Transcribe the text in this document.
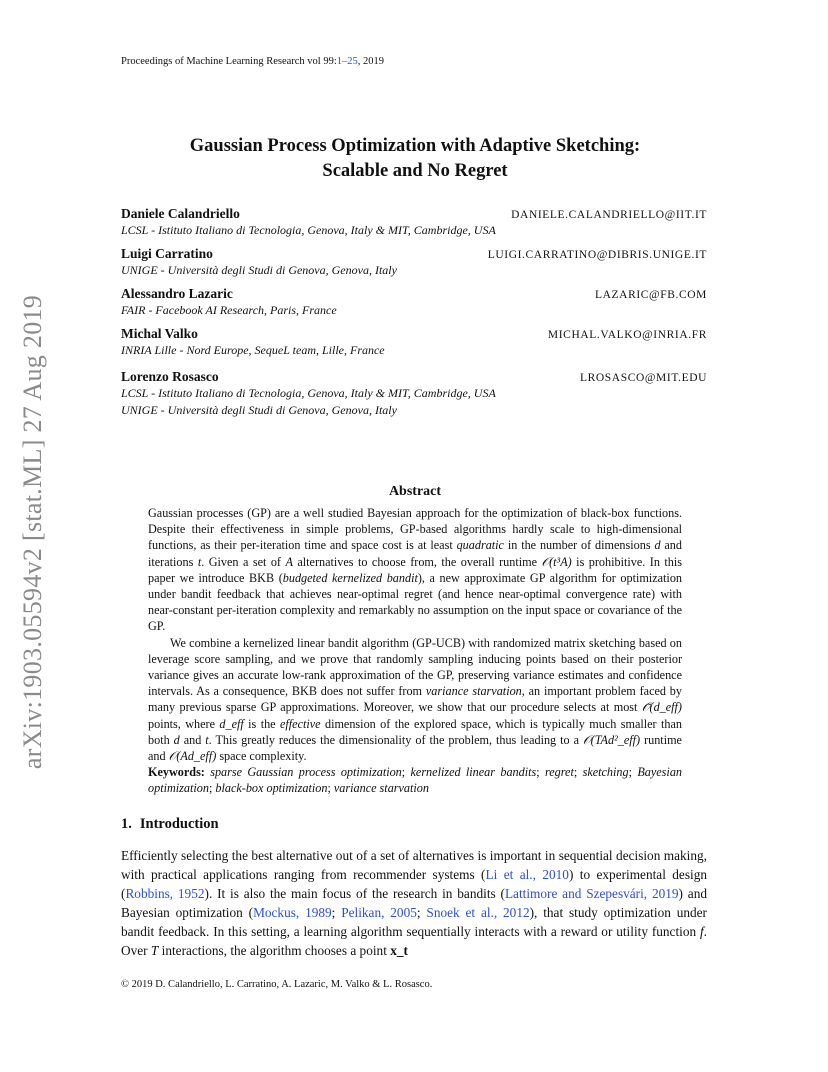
arXiv:1903.05594v2 [stat.ML] 27 Aug 2019
Proceedings of Machine Learning Research vol 99:1–25, 2019
Gaussian Process Optimization with Adaptive Sketching:
Scalable and No Regret
Daniele Calandriello	DANIELE.CALANDRIELLO@IIT.IT
LCSL - Istituto Italiano di Tecnologia, Genova, Italy & MIT, Cambridge, USA
Luigi Carratino	LUIGI.CARRATINO@DIBRIS.UNIGE.IT
UNIGE - Università degli Studi di Genova, Genova, Italy
Alessandro Lazaric	LAZARIC@FB.COM
FAIR - Facebook AI Research, Paris, France
Michal Valko	MICHAL.VALKO@INRIA.FR
INRIA Lille - Nord Europe, SequeL team, Lille, France
Lorenzo Rosasco	LROSASCO@MIT.EDU
LCSL - Istituto Italiano di Tecnologia, Genova, Italy & MIT, Cambridge, USA
UNIGE - Università degli Studi di Genova, Genova, Italy
Abstract

Gaussian processes (GP) are a well studied Bayesian approach for the optimization of black-box functions. Despite their effectiveness in simple problems, GP-based algorithms hardly scale to high-dimensional functions, as their per-iteration time and space cost is at least quadratic in the number of dimensions d and iterations t. Given a set of A alternatives to choose from, the overall runtime 𝒪(t³A) is prohibitive. In this paper we introduce BKB (budgeted kernelized bandit), a new approximate GP algorithm for optimization under bandit feedback that achieves near-optimal regret (and hence near-optimal convergence rate) with near-constant per-iteration complexity and remarkably no assumption on the input space or covariance of the GP.

We combine a kernelized linear bandit algorithm (GP-UCB) with randomized matrix sketching based on leverage score sampling, and we prove that randomly sampling inducing points based on their posterior variance gives an accurate low-rank approximation of the GP, preserving variance estimates and confidence intervals. As a consequence, BKB does not suffer from variance starvation, an important problem faced by many previous sparse GP approximations. Moreover, we show that our procedure selects at most 𝒪̃(d_eff) points, where d_eff is the effective dimension of the explored space, which is typically much smaller than both d and t. This greatly reduces the dimensionality of the problem, thus leading to a 𝒪(TAd²_eff) runtime and 𝒪(Ad_eff) space complexity.

Keywords: sparse Gaussian process optimization; kernelized linear bandits; regret; sketching; Bayesian optimization; black-box optimization; variance starvation
1. Introduction

Efficiently selecting the best alternative out of a set of alternatives is important in sequential decision making, with practical applications ranging from recommender systems (Li et al., 2010) to experimental design (Robbins, 1952). It is also the main focus of the research in bandits (Lattimore and Szepesvári, 2019) and Bayesian optimization (Mockus, 1989; Pelikan, 2005; Snoek et al., 2012), that study optimization under bandit feedback. In this setting, a learning algorithm sequentially interacts with a reward or utility function f. Over T interactions, the algorithm chooses a point x_t

© 2019 D. Calandriello, L. Carratino, A. Lazaric, M. Valko & L. Rosasco.
